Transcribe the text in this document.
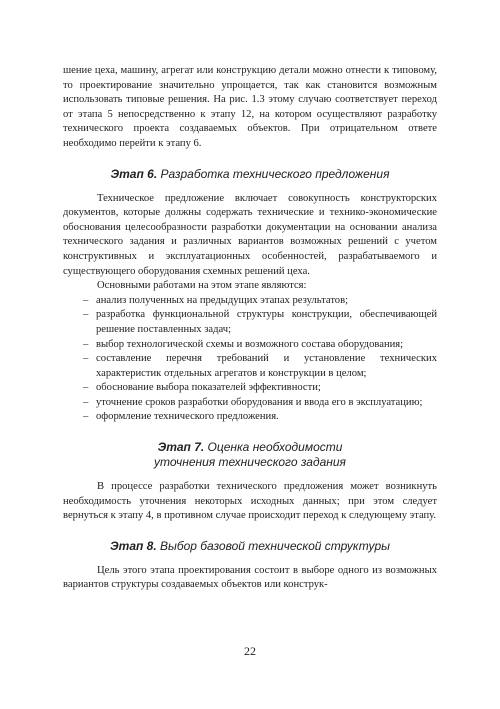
шение цеха, машину, агрегат или конструкцию детали можно отнести к типовому, то проектирование значительно упрощается, так как становится возможным использовать типовые решения. На рис. 1.3 этому случаю соответствует переход от этапа 5 непосредственно к этапу 12, на котором осуществляют разработку технического проекта создаваемых объектов. При отрицательном ответе необходимо перейти к этапу 6.

Этап 6. Разработка технического предложения

Техническое предложение включает совокупность конструкторских документов, которые должны содержать технические и технико-экономические обоснования целесообразности разработки документации на основании анализа технического задания и различных вариантов возможных решений с учетом конструктивных и эксплуатационных особенностей, разрабатываемого и существующего оборудования схемных решений цеха.

Основными работами на этом этапе являются:

– анализ полученных на предыдущих этапах результатов;
– разработка функциональной структуры конструкции, обеспечивающей решение поставленных задач;
– выбор технологической схемы и возможного состава оборудования;
– составление перечня требований и установление технических характеристик отдельных агрегатов и конструкции в целом;
– обоснование выбора показателей эффективности;
– уточнение сроков разработки оборудования и ввода его в эксплуатацию;
– оформление технического предложения.
Этап 7. Оценка необходимости
уточнения технического задания

В процессе разработки технического предложения может возникнуть необходимость уточнения некоторых исходных данных; при этом следует вернуться к этапу 4, в противном случае происходит переход к следующему этапу.

Этап 8. Выбор базовой технической структуры

Цель этого этапа проектирования состоит в выборе одного из возможных вариантов структуры создаваемых объектов или конструк-

22
